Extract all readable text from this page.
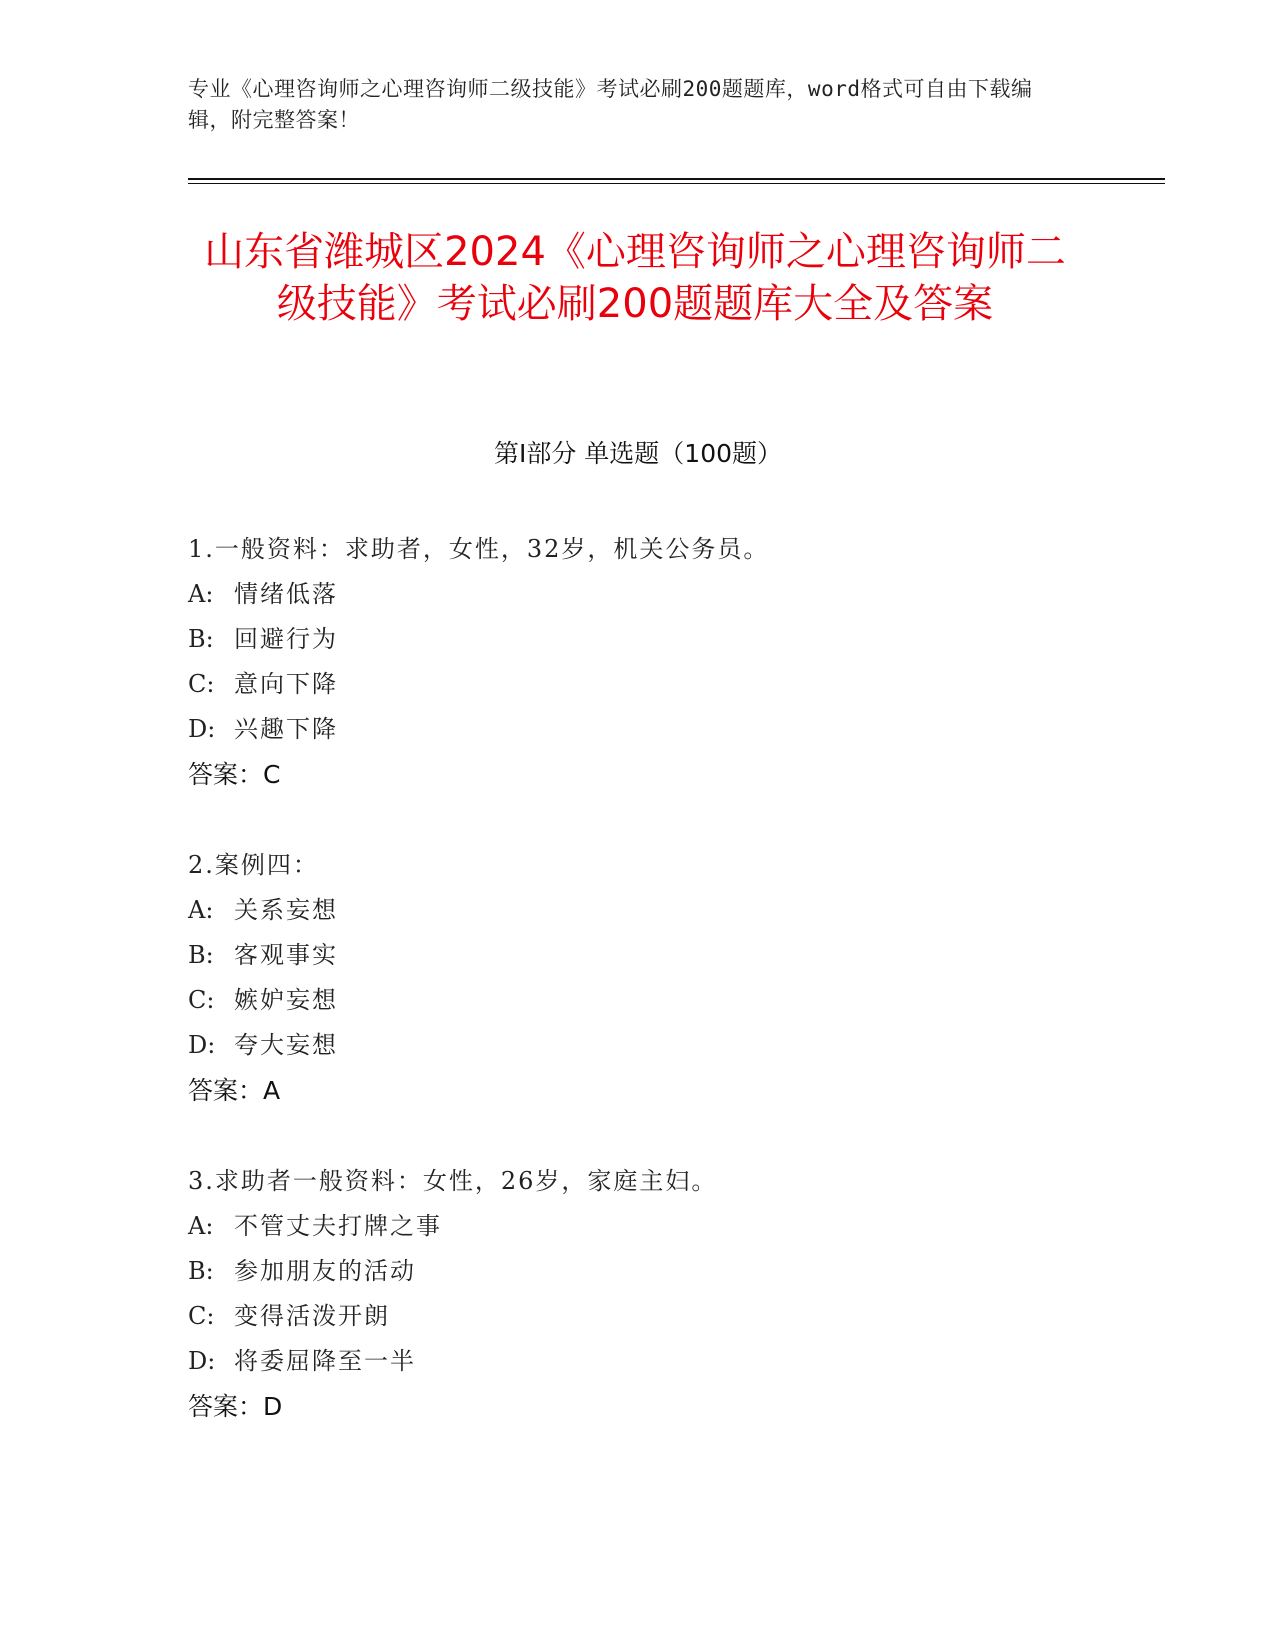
专业《心理咨询师之心理咨询师二级技能》考试必刷200题题库，word格式可自由下载编辑，附完整答案！
山东省潍城区2024《心理咨询师之心理咨询师二级技能》考试必刷200题题库大全及答案
第I部分 单选题（100题）
1.一般资料：求助者，女性，32岁，机关公务员。
A: 情绪低落
B: 回避行为
C: 意向下降
D: 兴趣下降
答案：C
2.案例四：
A: 关系妄想
B: 客观事实
C: 嫉妒妄想
D: 夸大妄想
答案：A
3.求助者一般资料：女性，26岁，家庭主妇。
A: 不管丈夫打牌之事
B: 参加朋友的活动
C: 变得活泼开朗
D: 将委屈降至一半
答案：D
